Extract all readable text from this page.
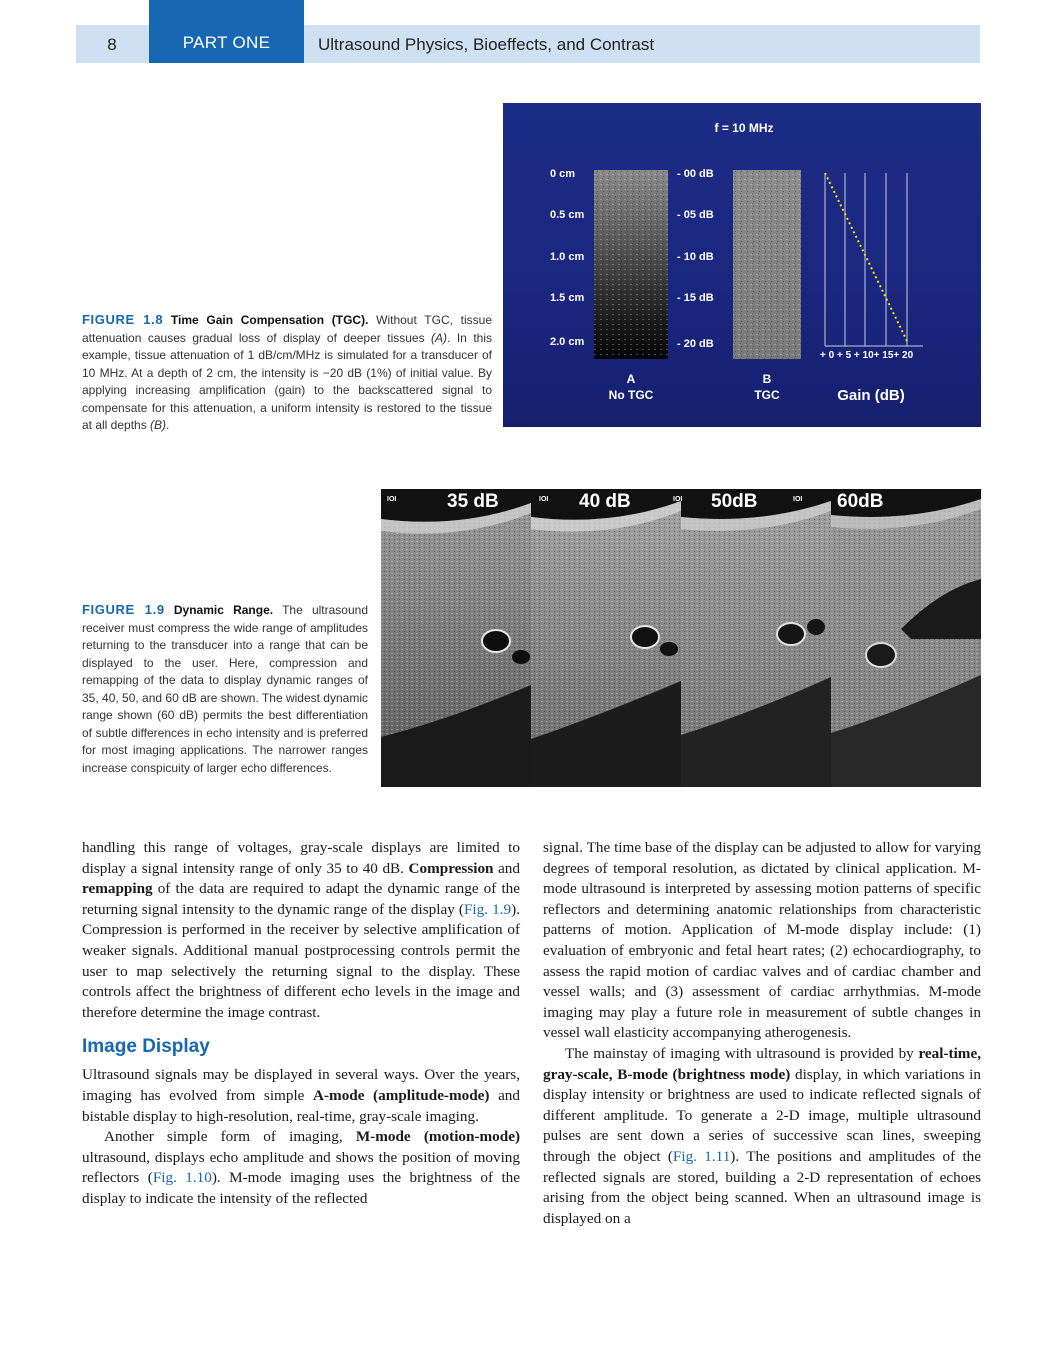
8	PART ONE	Ultrasound Physics, Bioeffects, and Contrast
FIGURE 1.8 Time Gain Compensation (TGC). Without TGC, tissue attenuation causes gradual loss of display of deeper tissues (A). In this example, tissue attenuation of 1 dB/cm/MHz is simulated for a transducer of 10 MHz. At a depth of 2 cm, the intensity is −20 dB (1%) of initial value. By applying increasing amplification (gain) to the backscattered signal to compensate for this attenuation, a uniform intensity is restored to the tissue at all depths (B).
f = 10 MHz
0 cm
0.5 cm
1.0 cm
1.5 cm
2.0 cm
- 00 dB
- 05 dB
- 10 dB
- 15 dB
- 20 dB
+ 0 + 5 + 10+ 15+ 20
A
No TGC
B
TGC	Gain (dB)
IOI	IOI	IOI	IOI
35 dB	40 dB	50dB	60dB
FIGURE 1.9 Dynamic Range. The ultrasound receiver must compress the wide range of amplitudes returning to the transducer into a range that can be displayed to the user. Here, compression and remapping of the data to display dynamic ranges of 35, 40, 50, and 60 dB are shown. The widest dynamic range shown (60 dB) permits the best differentiation of subtle differences in echo intensity and is preferred for most imaging applications. The narrower ranges increase conspicuity of larger echo differences.

handling this range of voltages, gray-scale displays are limited to display a signal intensity range of only 35 to 40 dB. Compression and remapping of the data are required to adapt the dynamic range of the returning signal intensity to the dynamic range of the display (Fig. 1.9). Compression is performed in the receiver by selective amplification of weaker signals. Additional manual postprocessing controls permit the user to map selectively the returning signal to the display. These controls affect the brightness of different echo levels in the image and therefore determine the image contrast.

Image Display

Ultrasound signals may be displayed in several ways. Over the years, imaging has evolved from simple A-mode (amplitude-mode) and bistable display to high-resolution, real-time, gray-scale imaging.

Another simple form of imaging, M-mode (motion-mode) ultrasound, displays echo amplitude and shows the position of moving reflectors (Fig. 1.10). M-mode imaging uses the brightness of the display to indicate the intensity of the reflected

signal. The time base of the display can be adjusted to allow for varying degrees of temporal resolution, as dictated by clinical application. M-mode ultrasound is interpreted by assessing motion patterns of specific reflectors and determining anatomic relationships from characteristic patterns of motion. Application of M-mode display include: (1) evaluation of embryonic and fetal heart rates; (2) echocardiography, to assess the rapid motion of cardiac valves and of cardiac chamber and vessel walls; and (3) assessment of cardiac arrhythmias. M-mode imaging may play a future role in measurement of subtle changes in vessel wall elasticity accompanying atherogenesis.

The mainstay of imaging with ultrasound is provided by real-time, gray-scale, B-mode (brightness mode) display, in which variations in display intensity or brightness are used to indicate reflected signals of different amplitude. To generate a 2-D image, multiple ultrasound pulses are sent down a series of successive scan lines, sweeping through the object (Fig. 1.11). The positions and amplitudes of the reflected signals are stored, building a 2-D representation of echoes arising from the object being scanned. When an ultrasound image is displayed on a
